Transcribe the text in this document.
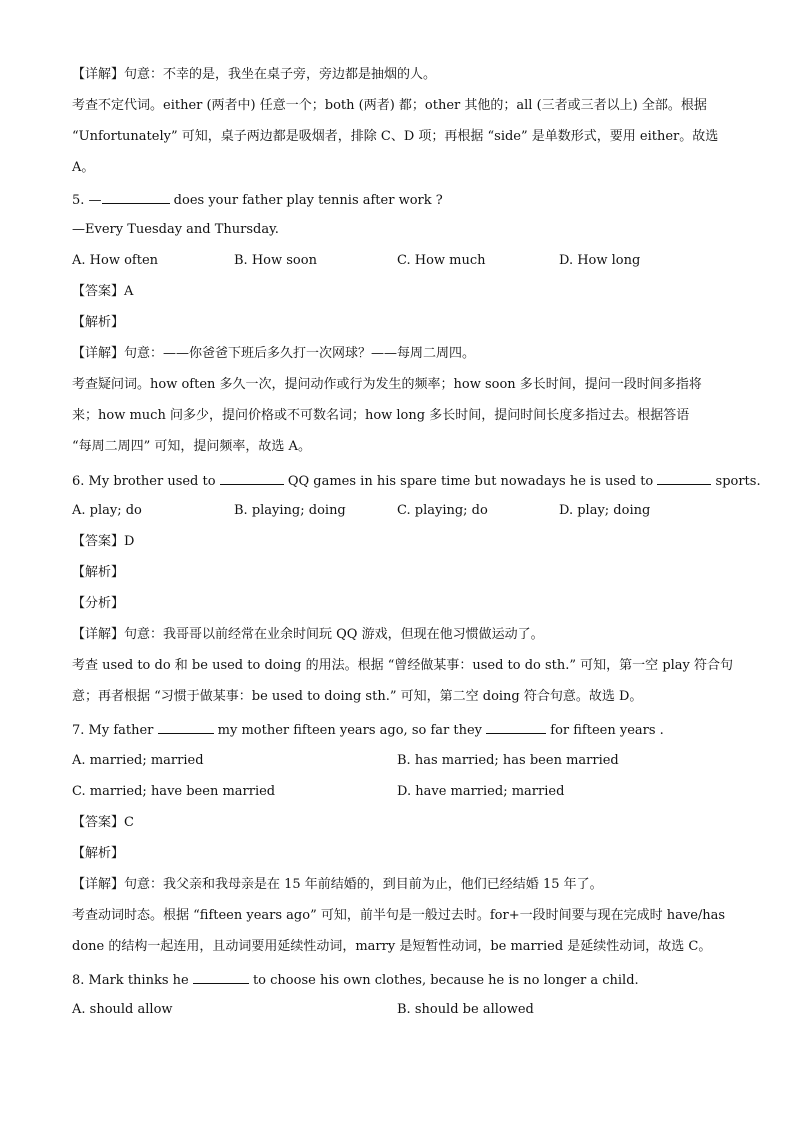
【详解】句意：不幸的是，我坐在桌子旁，旁边都是抽烟的人。
考查不定代词。either (两者中) 任意一个；both (两者) 都；other 其他的；all (三者或三者以上) 全部。根据
“Unfortunately” 可知，桌子两边都是吸烟者，排除 C、D 项；再根据 “side” 是单数形式，要用 either。故选
A。
5. —	does your father play tennis after work ?
—Every Tuesday and Thursday.
A. How often	B. How soon	C. How much	D. How long
【答案】A
【解析】
【详解】句意：——你爸爸下班后多久打一次网球？——每周二周四。
考查疑问词。how often 多久一次，提问动作或行为发生的频率；how soon 多长时间，提问一段时间多指将
来；how much 问多少，提问价格或不可数名词；how long 多长时间，提问时间长度多指过去。根据答语
“每周二周四” 可知，提问频率，故选 A。
6. My brother used to	QQ games in his spare time but nowadays he is used to	sports.
A. play; do	B. playing; doing	C. playing; do	D. play; doing
【答案】D
【解析】
【分析】
【详解】句意：我哥哥以前经常在业余时间玩 QQ 游戏，但现在他习惯做运动了。
考查 used to do 和 be used to doing 的用法。根据 “曾经做某事：used to do sth.” 可知，第一空 play 符合句
意；再者根据 “习惯于做某事：be used to doing sth.” 可知，第二空 doing 符合句意。故选 D。
7. My father	my mother fifteen years ago, so far they	for fifteen years .
A. married; married	B. has married; has been married
C. married; have been married	D. have married; married
【答案】C
【解析】
【详解】句意：我父亲和我母亲是在 15 年前结婚的，到目前为止，他们已经结婚 15 年了。
考查动词时态。根据 “fifteen years ago” 可知，前半句是一般过去时。for+一段时间要与现在完成时 have/has
done 的结构一起连用，且动词要用延续性动词，marry 是短暂性动词，be married 是延续性动词，故选 C。
8. Mark thinks he	to choose his own clothes, because he is no longer a child.
A. should allow	B. should be allowed
